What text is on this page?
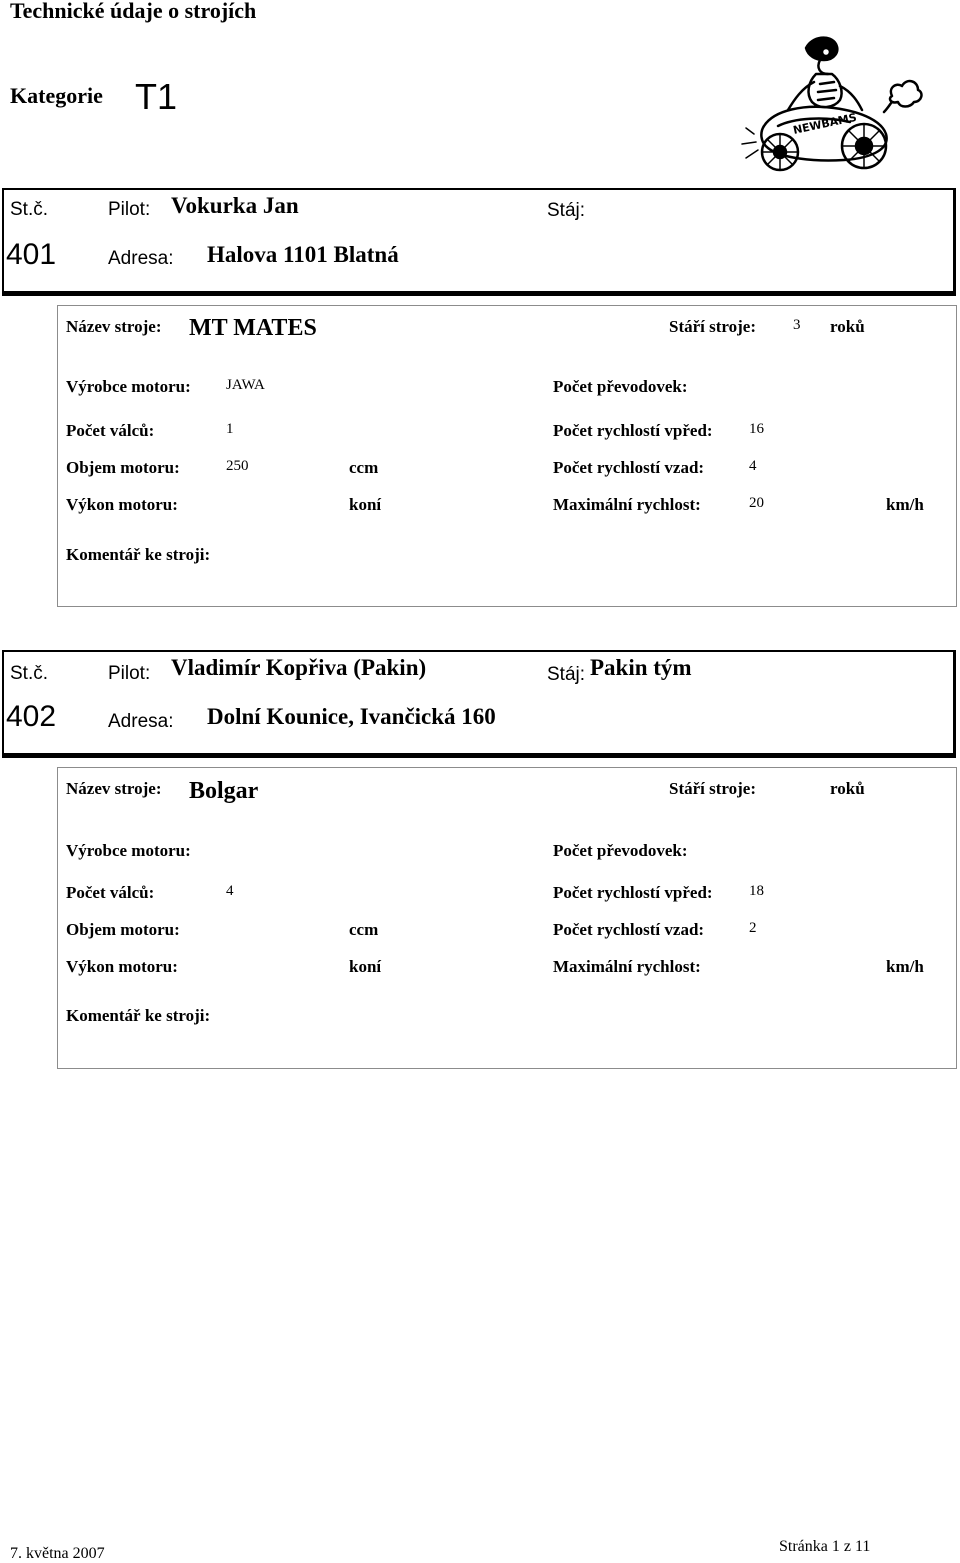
Technické údaje o strojích
Kategorie T1
NEWBAMS
St.č.	Pilot: Vokurka Jan	Stáj:
401	Adresa: Halova 1101 Blatná
Název stroje: MT MATES	Stáří stroje: 3 roků
Výrobce motoru: JAWA	Počet převodovek:
Počet válců:	1	Počet rychlostí vpřed: 16
Objem motoru:	250	ccm	Počet rychlostí vzad:	4
Výkon motoru:	koní	Maximální rychlost:	20	km/h
Komentář ke stroji:
St.č.	Pilot: Vladimír Kopřiva (Pakin)	Stáj: Pakin tým
402	Adresa: Dolní Kounice, Ivančická 160
Název stroje: Bolgar	Stáří stroje:	roků
Výrobce motoru:	Počet převodovek:
Počet válců:	4	Počet rychlostí vpřed: 18
Objem motoru:	ccm	Počet rychlostí vzad:	2
Výkon motoru:	koní	Maximální rychlost:	km/h
Komentář ke stroji:
7. května 2007	Stránka 1 z 11
